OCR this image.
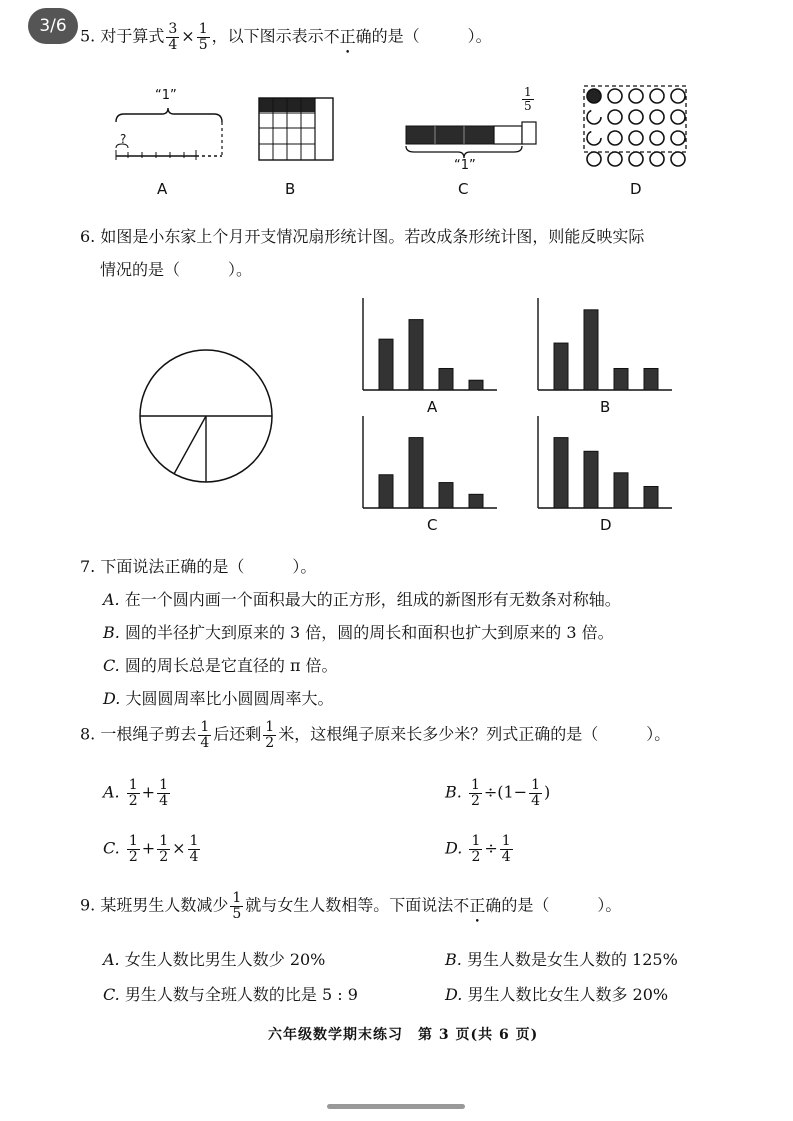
3/6
5. 对于算式 $\frac{3}{4} \times \frac{1}{5}$ ，以下图示表示不正确的是（　　　）。
“1”
?
A	B
$\frac{1}{5}$
“1”
C	D
6. 如图是小东家上个月开支情况扇形统计图。若改成条形统计图，则能反映实际
情况的是（　　　）。
A	B
C	D
7. 下面说法正确的是（　　　）。
A. 在一个圆内画一个面积最大的正方形，组成的新图形有无数条对称轴。
B. 圆的半径扩大到原来的 3 倍，圆的周长和面积也扩大到原来的 3 倍。
C. 圆的周长总是它直径的 π 倍。
D. 大圆圆周率比小圆圆周率大。
8. 一根绳子剪去 $\frac{1}{4}$ 后还剩 $\frac{1}{2}$ 米，这根绳子原来长多少米？列式正确的是（　　　）。
A. $\frac{1}{2} + \frac{1}{4}$	B. $\frac{1}{2} \div(1- \frac{1}{4}$ )
C. $\frac{1}{2} + \frac{1}{2} \times \frac{1}{4}$	D. $\frac{1}{2} \div \frac{1}{4}$
9. 某班男生人数减少 $\frac{1}{5}$ 就与女生人数相等。下面说法不正确的是（　　　）。
A. 女生人数比男生人数少 20%	B. 男生人数是女生人数的 125%
C. 男生人数与全班人数的比是 5 : 9	D. 男生人数比女生人数多 20%
六年级数学期末练习　第 3 页(共 6 页)
